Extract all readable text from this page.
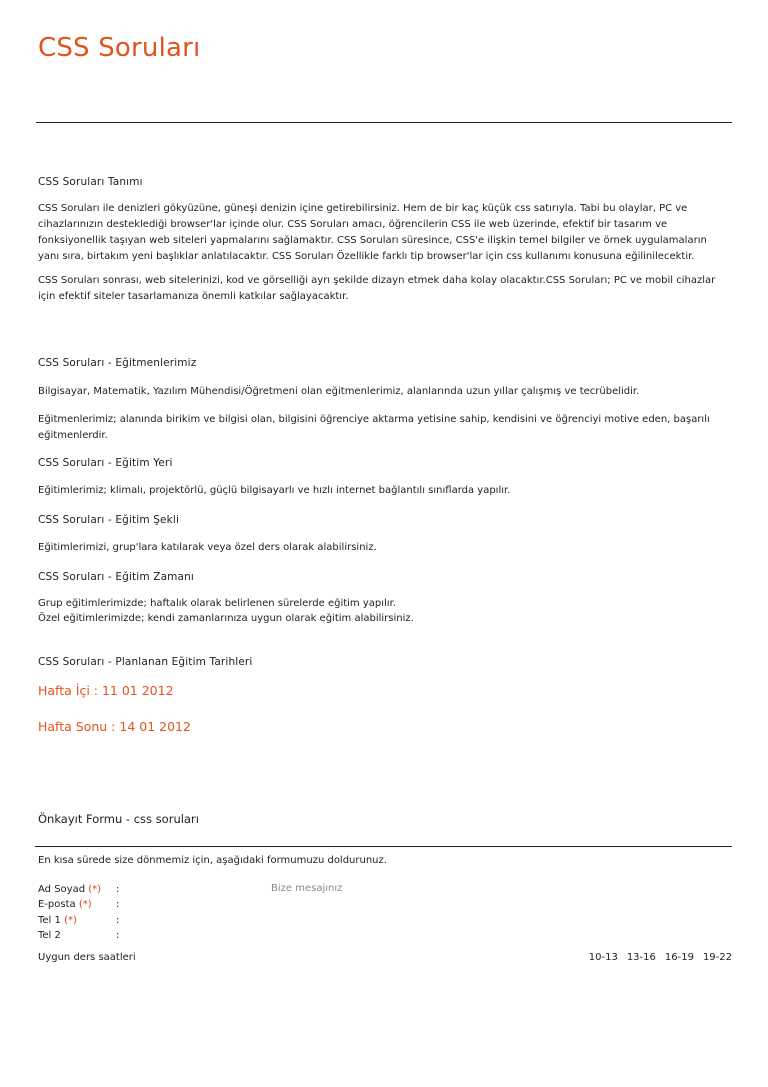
CSS Soruları
CSS Soruları Tanımı
CSS Soruları ile denizleri gökyüzüne, güneşi denizin içine getirebilirsiniz. Hem de bir kaç küçük css satırıyla. Tabi bu olaylar, PC ve cihazlarınızın desteklediği browser'lar içinde olur. CSS Soruları amacı, öğrencilerin CSS ile web üzerinde, efektif bir tasarım ve fonksiyonellik taşıyan web siteleri yapmalarını sağlamaktır. CSS Soruları süresince, CSS'e ilişkin temel bilgiler ve örnek uygulamaların yanı sıra, birtakım yeni başlıklar anlatılacaktır. CSS Soruları Özellikle farklı tip browser'lar için css kullanımı konusuna eğilinilecektir.
CSS Soruları sonrası, web sitelerinizi, kod ve görselliği ayrı şekilde dizayn etmek daha kolay olacaktır.CSS Soruları; PC ve mobil cihazlar için efektif siteler tasarlamanıza önemli katkılar sağlayacaktır.
CSS Soruları - Eğitmenlerimiz
Bilgisayar, Matematik, Yazılım Mühendisi/Öğretmeni olan eğitmenlerimiz, alanlarında uzun yıllar çalışmış ve tecrübelidir.
Eğitmenlerimiz; alanında birikim ve bilgisi olan, bilgisini öğrenciye aktarma yetisine sahip, kendisini ve öğrenciyi motive eden, başarılı eğitmenlerdir.
CSS Soruları - Eğitim Yeri
Eğitimlerimiz; klimalı, projektörlü, güçlü bilgisayarlı ve hızlı internet bağlantılı sınıflarda yapılır.
CSS Soruları - Eğitim Şekli
Eğitimlerimizi, grup'lara katılarak veya özel ders olarak alabilirsiniz.
CSS Soruları - Eğitim Zamanı
Grup eğitimlerimizde; haftalık olarak belirlenen sürelerde eğitim yapılır.
Özel eğitimlerimizde; kendi zamanlarınıza uygun olarak eğitim alabilirsiniz.
CSS Soruları - Planlanan Eğitim Tarihleri
Hafta İçi : 11 01 2012
Hafta Sonu : 14 01 2012
Önkayıt Formu - css soruları
En kısa sürede size dönmemiz için, aşağıdaki formumuzu doldurunuz.
Ad Soyad (*) :
E-posta (*) :
Tel 1 (*)	:
Tel 2	:
Bize mesajınız
Uygun ders saatleri	10-13 13-16 16-19 19-22
